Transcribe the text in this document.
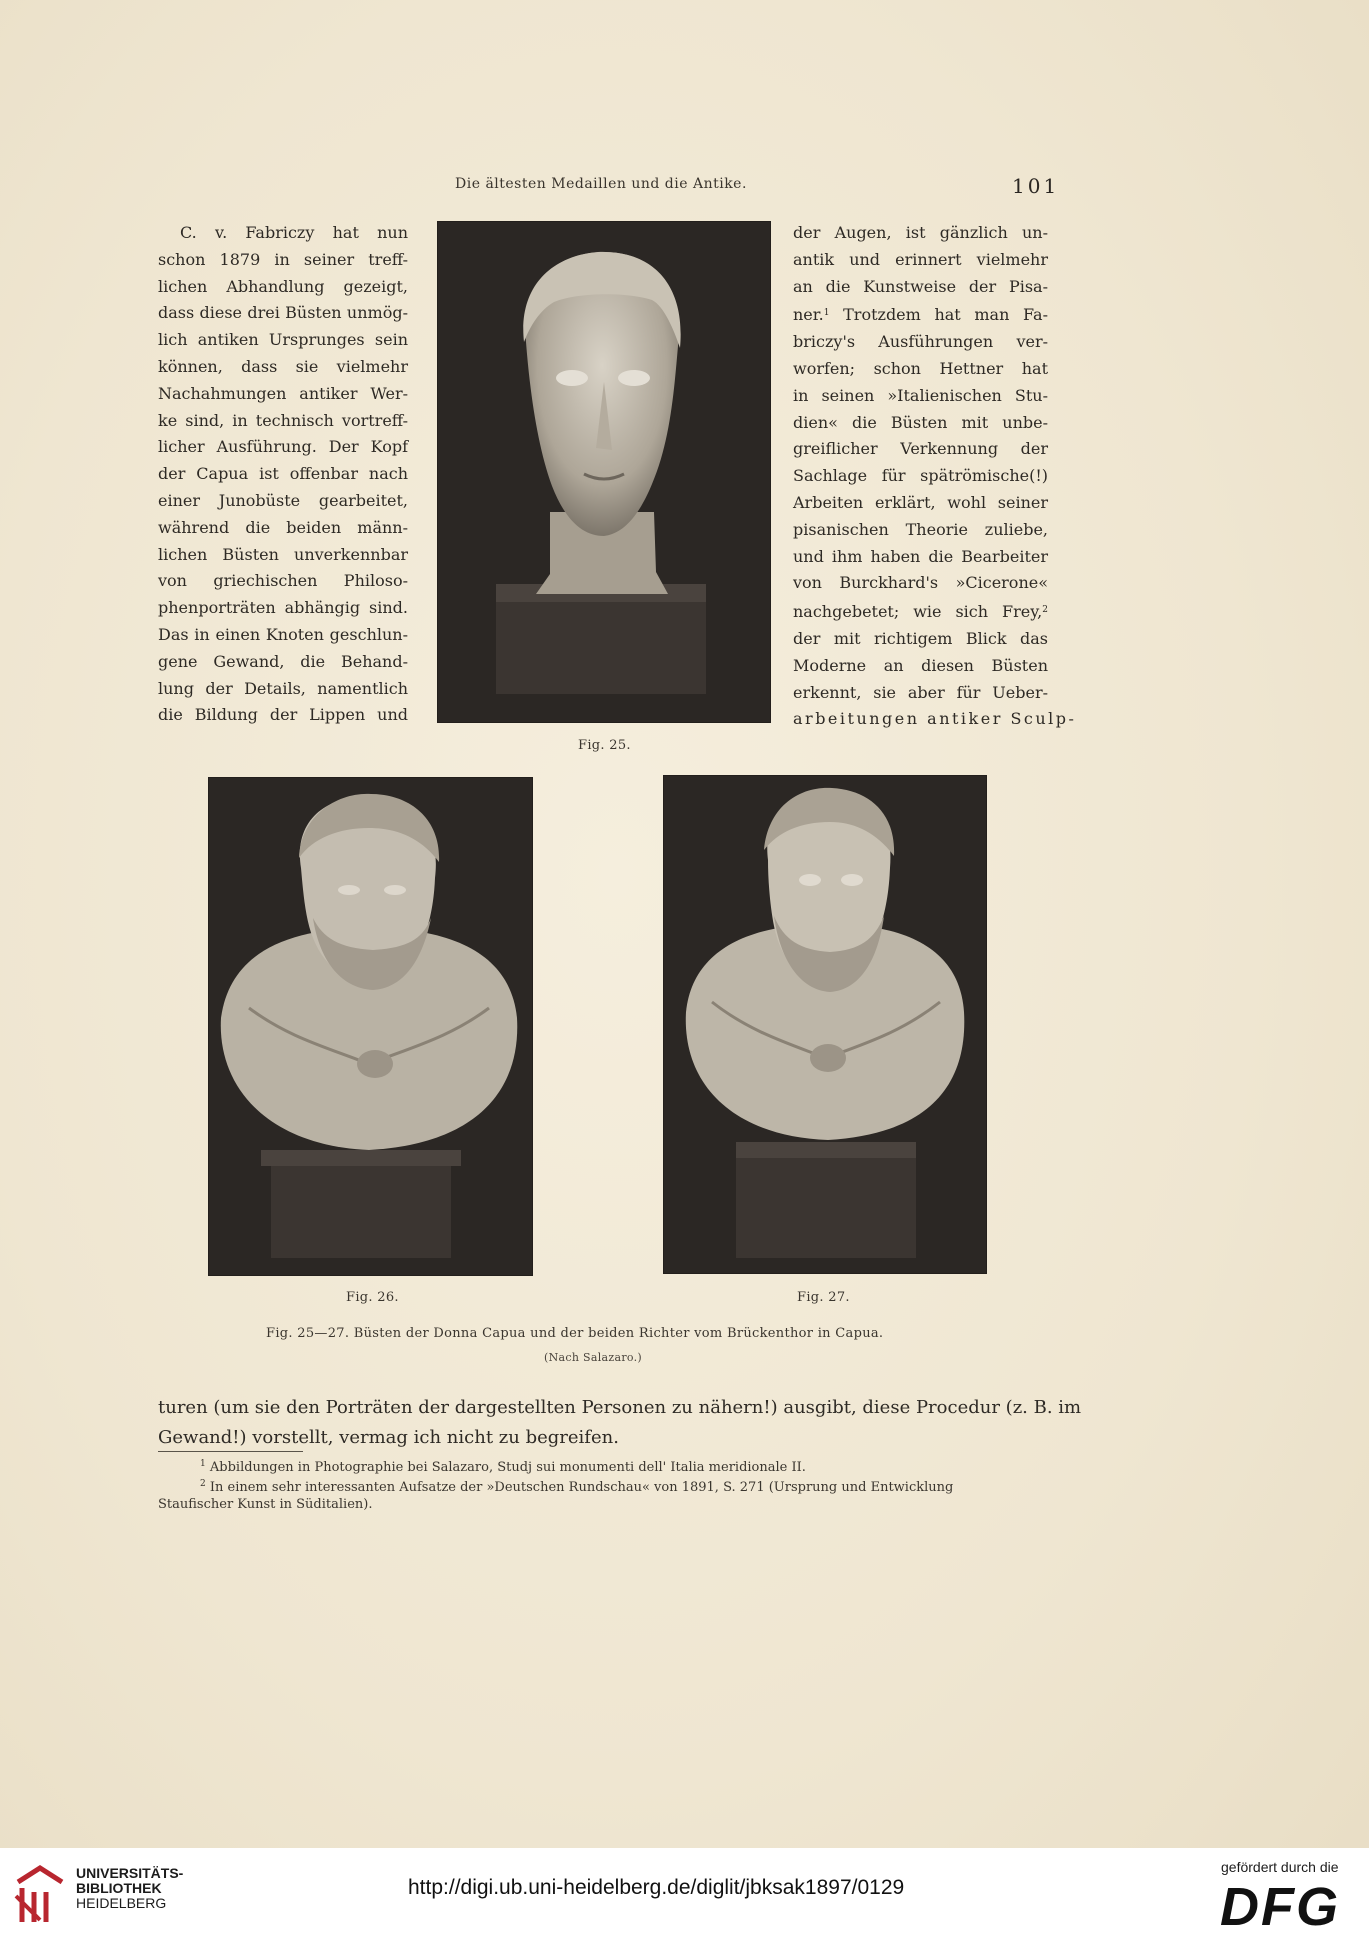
Die ältesten Medaillen und die Antike.	101

C. v. Fabriczy hat nun
schon 1879 in seiner treff-
lichen Abhandlung gezeigt,
dass diese drei Büsten unmög-
lich antiken Ursprunges sein
können, dass sie vielmehr
Nachahmungen antiker Wer-
ke sind, in technisch vortreff-
licher Ausführung. Der Kopf
der Capua ist offenbar nach
einer Junobüste gearbeitet,
während die beiden männ-
lichen Büsten unverkennbar
von griechischen Philoso-
phenporträten abhängig sind.
Das in einen Knoten geschlun-
gene Gewand, die Behand-
lung der Details, namentlich
die Bildung der Lippen und

der Augen, ist gänzlich un-
antik und erinnert vielmehr
an die Kunstweise der Pisa-
ner.$^1$ Trotzdem hat man Fa-
briczy's Ausführungen ver-
worfen; schon Hettner hat
in seinen »Italienischen Stu-
dien« die Büsten mit unbe-
greiflicher Verkennung der
Sachlage für spätrömische(!)
Arbeiten erklärt, wohl seiner
pisanischen Theorie zuliebe,
und ihm haben die Bearbeiter
von Burckhard's »Cicerone«
nachgebetet; wie sich Frey,$^2$
der mit richtigem Blick das
Moderne an diesen Büsten
erkennt, sie aber für Ueber-
arbeitungen antiker Sculp-

Fig. 25.
Fig. 26.	Fig. 27.
Fig. 25—27. Büsten der Donna Capua und der beiden Richter vom Brückenthor in Capua.
(Nach Salazaro.)

turen (um sie den Porträten der dargestellten Personen zu nähern!) ausgibt, diese Procedur (z. B. im
Gewand!) vorstellt, vermag ich nicht zu begreifen.

$^1$ Abbildungen in Photographie bei Salazaro, Studj sui monumenti dell' Italia meridionale II.
$^2$ In einem sehr interessanten Aufsatze der »Deutschen Rundschau« von 1891, S. 271 (Ursprung und Entwicklung
Staufischer Kunst in Süditalien).

UNIVERSITÄTS-
BIBLIOTHEK
HEIDELBERG
http://digi.ub.uni-heidelberg.de/diglit/jbksak1897/0129
gefördert durch die
DFG
